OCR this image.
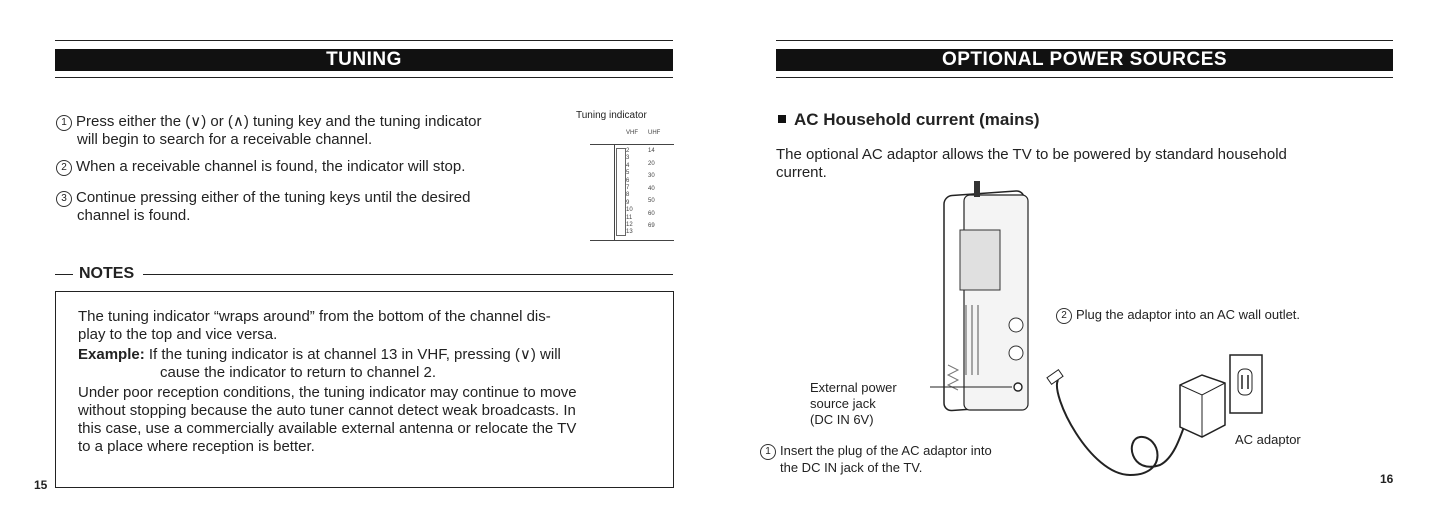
TUNING
1 Press either the (∨) or (∧) tuning key and the tuning indicator
will begin to search for a receivable channel.
2 When a receivable channel is found, the indicator will stop.
3 Continue pressing either of the tuning keys until the desired
channel is found.
Tuning indicator
VHF UHF
2
3
4
5
6
7
8
9
10
11
12
13
14
20
30
40
50
60
69
NOTES
The tuning indicator “wraps around” from the bottom of the channel dis-
play to the top and vice versa.
Example: If the tuning indicator is at channel 13 in VHF, pressing (∨) will
cause the indicator to return to channel 2.
Under poor reception conditions, the tuning indicator may continue to move
without stopping because the auto tuner cannot detect weak broadcasts. In
this case, use a commercially available external antenna or relocate the TV
to a place where reception is better.
15
OPTIONAL POWER SOURCES
AC Household current (mains)
The optional AC adaptor allows the TV to be powered by standard household
current.
2 Plug the adaptor into an AC wall outlet.
External power
source jack
(DC IN 6V)
1 Insert the plug of the AC adaptor into
the DC IN jack of the TV.
AC adaptor
16
